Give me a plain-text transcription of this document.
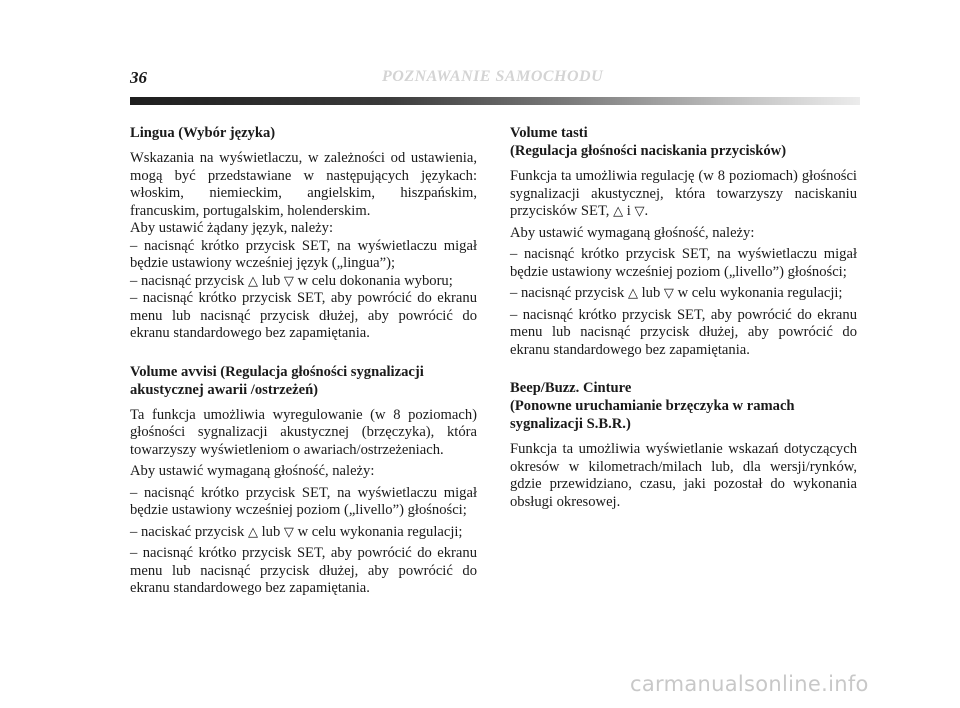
36	POZNAWANIE SAMOCHODU
Lingua (Wybór języka)

Wskazania na wyświetlaczu, w zależności od ustawienia, mogą być przedstawiane w następujących językach: włoskim, niemieckim, angielskim, hiszpańskim, francuskim, portugalskim, holenderskim.

Aby ustawić żądany język, należy:

– nacisnąć krótko przycisk SET, na wyświetlaczu migał będzie ustawiony wcześniej język („lingua”);

– nacisnąć przycisk △ lub ▽ w celu dokonania wyboru;

– nacisnąć krótko przycisk SET, aby powrócić do ekranu menu lub nacisnąć przycisk dłużej, aby powrócić do ekranu standardowego bez zapamiętania.

Volume avvisi (Regulacja głośności sygnalizacji
akustycznej awarii /ostrzeżeń)

Ta funkcja umożliwia wyregulowanie (w 8 poziomach) głośności sygnalizacji akustycznej (brzęczyka), która towarzyszy wyświetleniom o awariach/ostrzeżeniach.

Aby ustawić wymaganą głośność, należy:

– nacisnąć krótko przycisk SET, na wyświetlaczu migał będzie ustawiony wcześniej poziom („livello”) głośności;

– naciskać przycisk △ lub ▽ w celu wykonania regulacji;

– nacisnąć krótko przycisk SET, aby powrócić do ekranu menu lub nacisnąć przycisk dłużej, aby powrócić do ekranu standardowego bez zapamiętania.

Volume tasti
(Regulacja głośności naciskania przycisków)

Funkcja ta umożliwia regulację (w 8 poziomach) głośności sygnalizacji akustycznej, która towarzyszy naciskaniu przycisków SET, △ i ▽.

Aby ustawić wymaganą głośność, należy:

– nacisnąć krótko przycisk SET, na wyświetlaczu migał będzie ustawiony wcześniej poziom („livello”) głośności;

– nacisnąć przycisk △ lub ▽ w celu wykonania regulacji;

– nacisnąć krótko przycisk SET, aby powrócić do ekranu menu lub nacisnąć przycisk dłużej, aby powrócić do ekranu standardowego bez zapamiętania.

Beep/Buzz. Cinture
(Ponowne uruchamianie brzęczyka w ramach
sygnalizacji S.B.R.)

Funkcja ta umożliwia wyświetlanie wskazań dotyczących okresów w kilometrach/milach lub, dla wersji/rynków, gdzie przewidziano, czasu, jaki pozostał do wykonania obsługi okresowej.

carmanualsonline.info
